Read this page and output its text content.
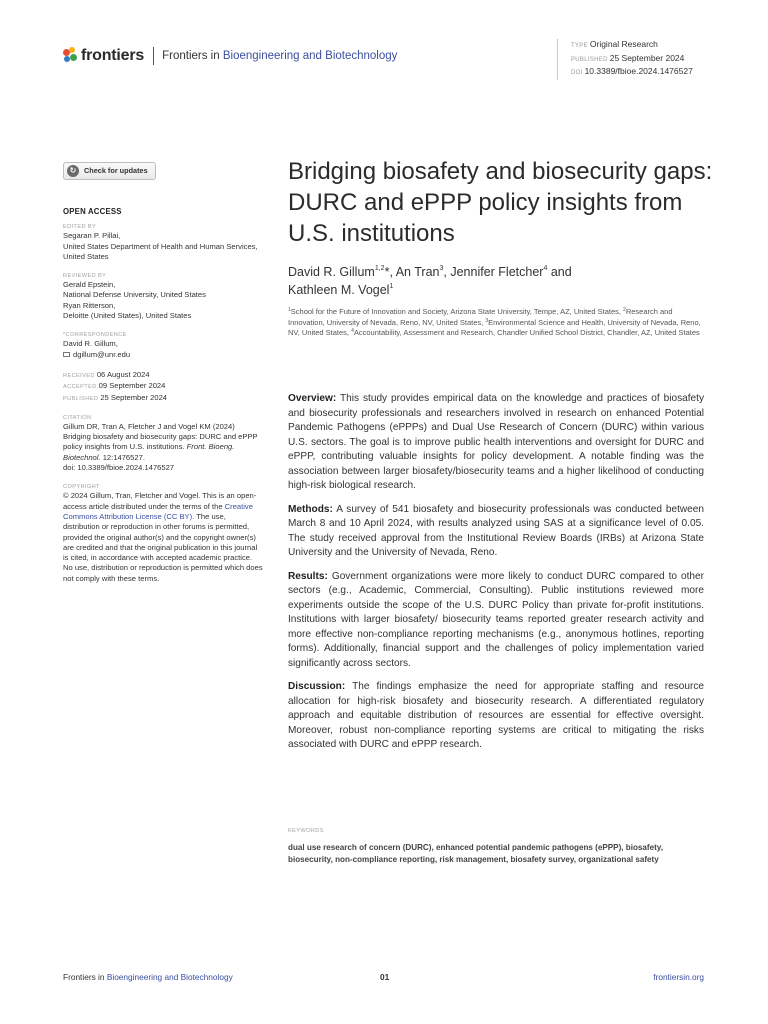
frontiers Frontiers in Bioengineering and Biotechnology
TYPE Original Research
PUBLISHED 25 September 2024
DOI 10.3389/fbioe.2024.1476527
↻	Check for updates
OPEN ACCESS
EDITED BY
Segaran P. Pillai,
United States Department of Health and Human Services, United States
REVIEWED BY
Gerald Epstein,
National Defense University, United States
Ryan Ritterson,
Deloitte (United States), United States
*CORRESPONDENCE
David R. Gillum,
dgillum@unr.edu
RECEIVED 06 August 2024
ACCEPTED 09 September 2024
PUBLISHED 25 September 2024
CITATION
Gillum DR, Tran A, Fletcher J and Vogel KM (2024) Bridging biosafety and biosecurity gaps: DURC and ePPP policy insights from U.S. institutions. Front. Bioeng. Biotechnol. 12:1476527.
doi: 10.3389/fbioe.2024.1476527
COPYRIGHT
© 2024 Gillum, Tran, Fletcher and Vogel. This is an open-access article distributed under the terms of the Creative Commons Attribution License (CC BY). The use, distribution or reproduction in other forums is permitted, provided the original author(s) and the copyright owner(s) are credited and that the original publication in this journal is cited, in accordance with accepted academic practice. No use, distribution or reproduction is permitted which does not comply with these terms.
Bridging biosafety and biosecurity gaps: DURC and ePPP policy insights from U.S. institutions
David R. Gillum$^{1,2}$*, An Tran$^3$, Jennifer Fletcher$^4$ and
Kathleen M. Vogel$^1$
$^1$School for the Future of Innovation and Society, Arizona State University, Tempe, AZ, United States, $^2$Research and Innovation, University of Nevada, Reno, NV, United States, $^3$Environmental Science and Health, University of Nevada, Reno, NV, United States, $^4$Accountability, Assessment and Research, Chandler Unified School District, Chandler, AZ, United States

Overview: This study provides empirical data on the knowledge and practices of biosafety and biosecurity professionals and researchers involved in research on enhanced Potential Pandemic Pathogens (ePPPs) and Dual Use Research of Concern (DURC) within various U.S. sectors. The goal is to improve public health interventions and oversight for DURC and ePPP, contributing valuable insights for policy development. A notable finding was the association between larger biosafety/biosecurity teams and a higher likelihood of conducting high-risk biological research.

Methods: A survey of 541 biosafety and biosecurity professionals was conducted between March 8 and 10 April 2024, with results analyzed using SAS at a significance level of 0.05. The study received approval from the Institutional Review Boards (IRBs) at Arizona State University and the University of Nevada, Reno.

Results: Government organizations were more likely to conduct DURC compared to other sectors (e.g., Academic, Commercial, Consulting). Public institutions reviewed more experiments outside the scope of the U.S. DURC Policy than private for-profit institutions. Institutions with larger biosafety/ biosecurity teams reported greater research activity and more effective non-compliance reporting mechanisms (e.g., anonymous hotlines, reporting forms). Additionally, financial support and the challenges of policy implementation varied significantly across sectors.

Discussion: The findings emphasize the need for appropriate staffing and resource allocation for high-risk biosafety and biosecurity research. A differentiated regulatory approach and equitable distribution of resources are essential for effective oversight. Moreover, robust non-compliance reporting systems are critical to mitigating the risks associated with DURC and ePPP research.

KEYWORDS
dual use research of concern (DURC), enhanced potential pandemic pathogens (ePPP), biosafety, biosecurity, non-compliance reporting, risk management, biosafety survey, organizational safety
Frontiers in Bioengineering and Biotechnology	01	frontiersin.org
